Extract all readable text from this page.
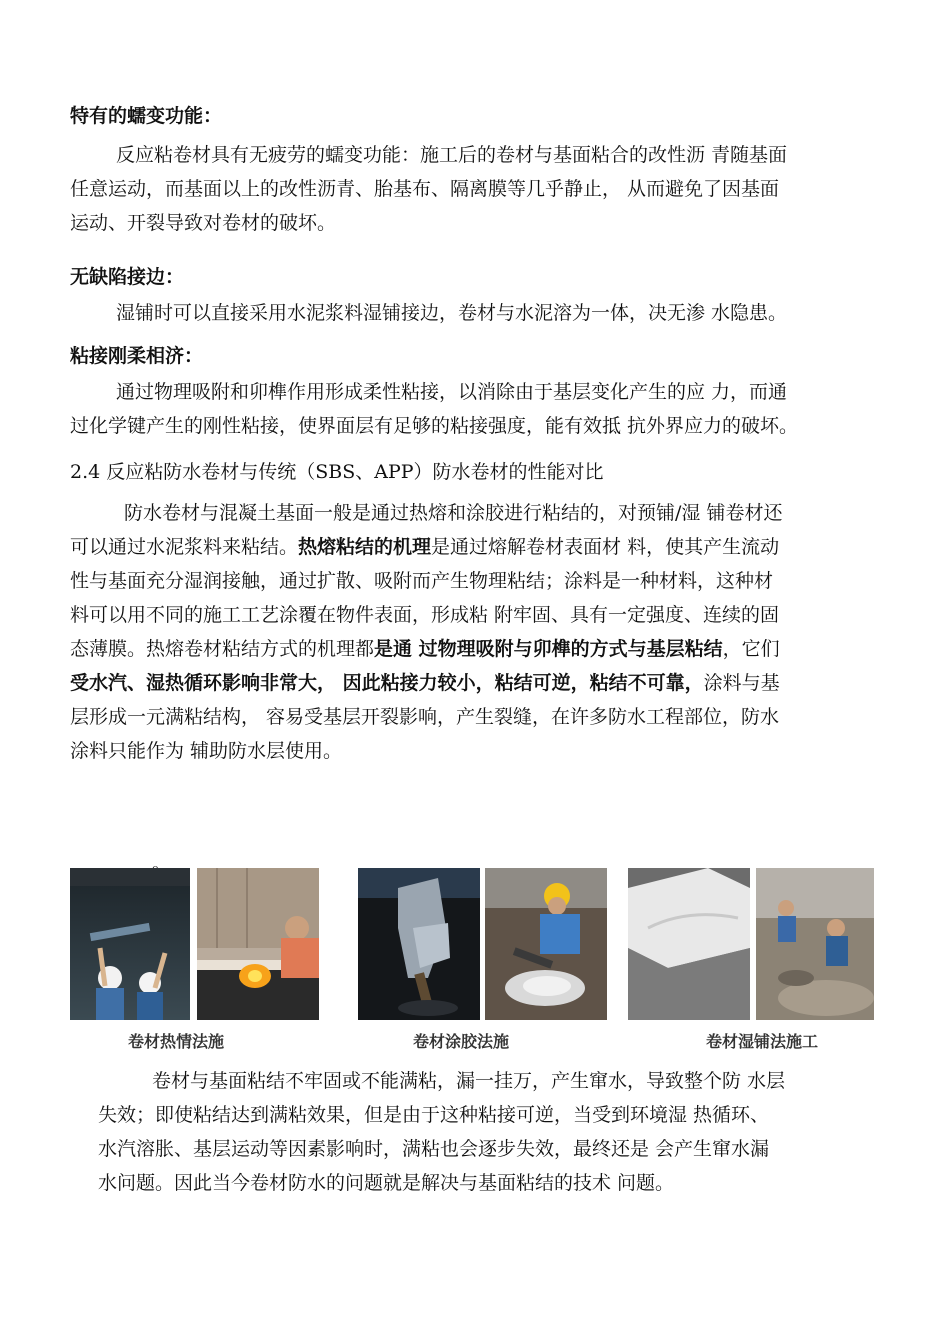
特有的蠕变功能：
反应粘卷材具有无疲劳的蠕变功能：施工后的卷材与基面粘合的改性沥 青随基面
任意运动，而基面以上的改性沥青、胎基布、隔离膜等几乎静止， 从而避免了因基面
运动、开裂导致对卷材的破坏。
无缺陷接边：
湿铺时可以直接采用水泥浆料湿铺接边，卷材与水泥溶为一体，决无渗 水隐患。
粘接刚柔相济：
通过物理吸附和卯榫作用形成柔性粘接，以消除由于基层变化产生的应 力，而通
过化学键产生的刚性粘接，使界面层有足够的粘接强度，能有效抵 抗外界应力的破坏。
2.4 反应粘防水卷材与传统（SBS、APP）防水卷材的性能对比
防水卷材与混凝土基面一般是通过热熔和涂胶进行粘结的，对预铺/湿 铺卷材还
可以通过水泥浆料来粘结。热熔粘结的机理是通过熔解卷材表面材 料，使其产生流动
性与基面充分湿润接触，通过扩散、吸附而产生物理粘结；涂料是一种材料，这种材
料可以用不同的施工工艺涂覆在物件表面，形成粘 附牢固、具有一定强度、连续的固
态薄膜。热熔卷材粘结方式的机理都是通 过物理吸附与卯榫的方式与基层粘结，它们
受水汽、湿热循环影响非常大， 因此粘接力较小，粘结可逆，粘结不可靠，涂料与基
层形成一元满粘结构， 容易受基层开裂影响，产生裂缝，在许多防水工程部位，防水
涂料只能作为 辅助防水层使用。
卷材热情法施	卷材涂胶法施	卷材湿铺法施工
卷材与基面粘结不牢固或不能满粘，漏一挂万，产生窜水，导致整个防 水层
失效；即使粘结达到满粘效果，但是由于这种粘接可逆，当受到环境湿 热循环、
水汽溶胀、基层运动等因素影响时，满粘也会逐步失效，最终还是 会产生窜水漏
水问题。因此当今卷材防水的问题就是解决与基面粘结的技术 问题。
